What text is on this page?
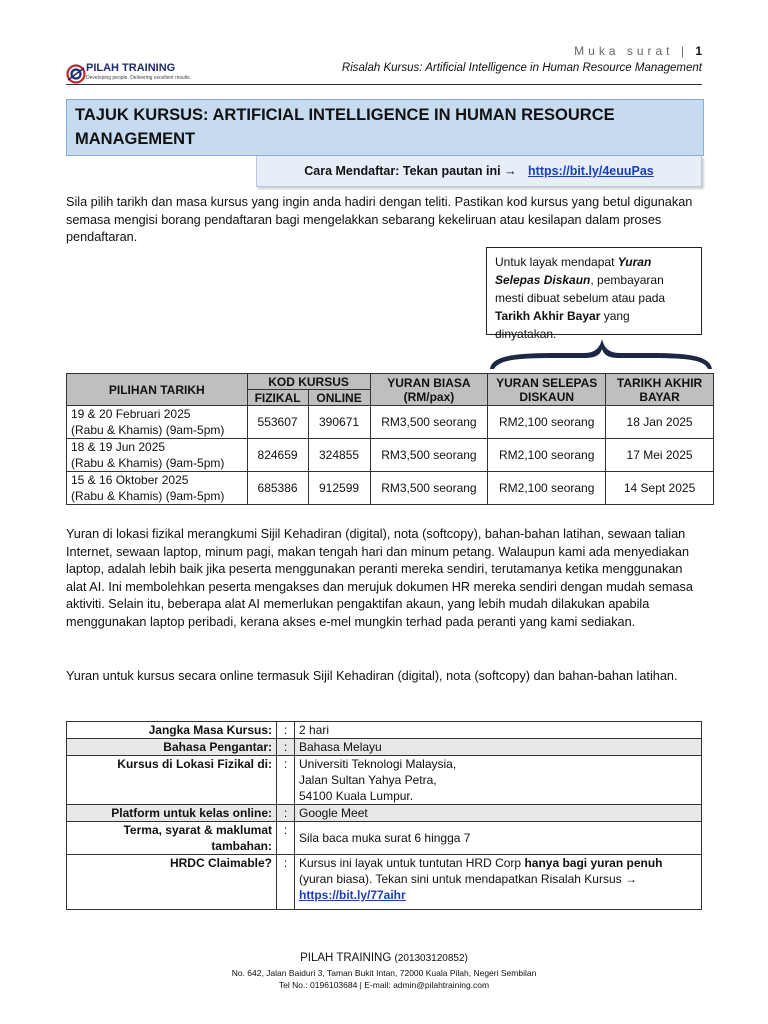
Muka surat | 1
PILAH TRAINING
Developing people. Delivering excellent results.
Risalah Kursus: Artificial Intelligence in Human Resource Management
TAJUK KURSUS: ARTIFICIAL INTELLIGENCE IN HUMAN RESOURCE MANAGEMENT
Cara Mendaftar: Tekan pautan ini → https://bit.ly/4euuPas

Sila pilih tarikh dan masa kursus yang ingin anda hadiri dengan teliti. Pastikan kod kursus yang betul digunakan semasa mengisi borang pendaftaran bagi mengelakkan sebarang kekeliruan atau kesilapan dalam proses pendaftaran.

Untuk layak mendapat Yuran Selepas Diskaun, pembayaran mesti dibuat sebelum atau pada Tarikh Akhir Bayar yang dinyatakan.
PILIHAN TARIKH	KOD KURSUS		YURAN BIASA (RM/pax)	YURAN SELEPAS DISKAUN	TARIKH AKHIR BAYAR
	FIZIKAL	ONLINE			
19 & 20 Februari 2025
(Rabu & Khamis) (9am-5pm)	553607	390671	RM3,500 seorang	RM2,100 seorang	18 Jan 2025
18 & 19 Jun 2025
(Rabu & Khamis) (9am-5pm)	824659	324855	RM3,500 seorang	RM2,100 seorang	17 Mei 2025
15 & 16 Oktober 2025
(Rabu & Khamis) (9am-5pm)	685386	912599	RM3,500 seorang	RM2,100 seorang	14 Sept 2025

Yuran di lokasi fizikal merangkumi Sijil Kehadiran (digital), nota (softcopy), bahan-bahan latihan, sewaan talian Internet, sewaan laptop, minum pagi, makan tengah hari dan minum petang. Walaupun kami ada menyediakan laptop, adalah lebih baik jika peserta menggunakan peranti mereka sendiri, terutamanya ketika menggunakan alat AI. Ini membolehkan peserta mengakses dan merujuk dokumen HR mereka sendiri dengan mudah semasa aktiviti. Selain itu, beberapa alat AI memerlukan pengaktifan akaun, yang lebih mudah dilakukan apabila menggunakan laptop peribadi, kerana akses e-mel mungkin terhad pada peranti yang kami sediakan.

Yuran untuk kursus secara online termasuk Sijil Kehadiran (digital), nota (softcopy) dan bahan-bahan latihan.

Jangka Masa Kursus:	:	2 hari
Bahasa Pengantar:	:	Bahasa Melayu
Kursus di Lokasi Fizikal di:	:	Universiti Teknologi Malaysia,
Jalan Sultan Yahya Petra,
54100 Kuala Lumpur.
Platform untuk kelas online:	:	Google Meet
Terma, syarat & maklumat tambahan:	:	Sila baca muka surat 6 hingga 7
HRDC Claimable?	:	Kursus ini layak untuk tuntutan HRD Corp hanya bagi yuran penuh (yuran biasa). Tekan sini untuk mendapatkan Risalah Kursus →
https://bit.ly/77aihr
PILAH TRAINING (201303120852)
No. 642, Jalan Baiduri 3, Taman Bukit Intan, 72000 Kuala Pilah, Negeri Sembilan
Tel No.: 0196103684 | E-mail: admin@pilahtraining.com
